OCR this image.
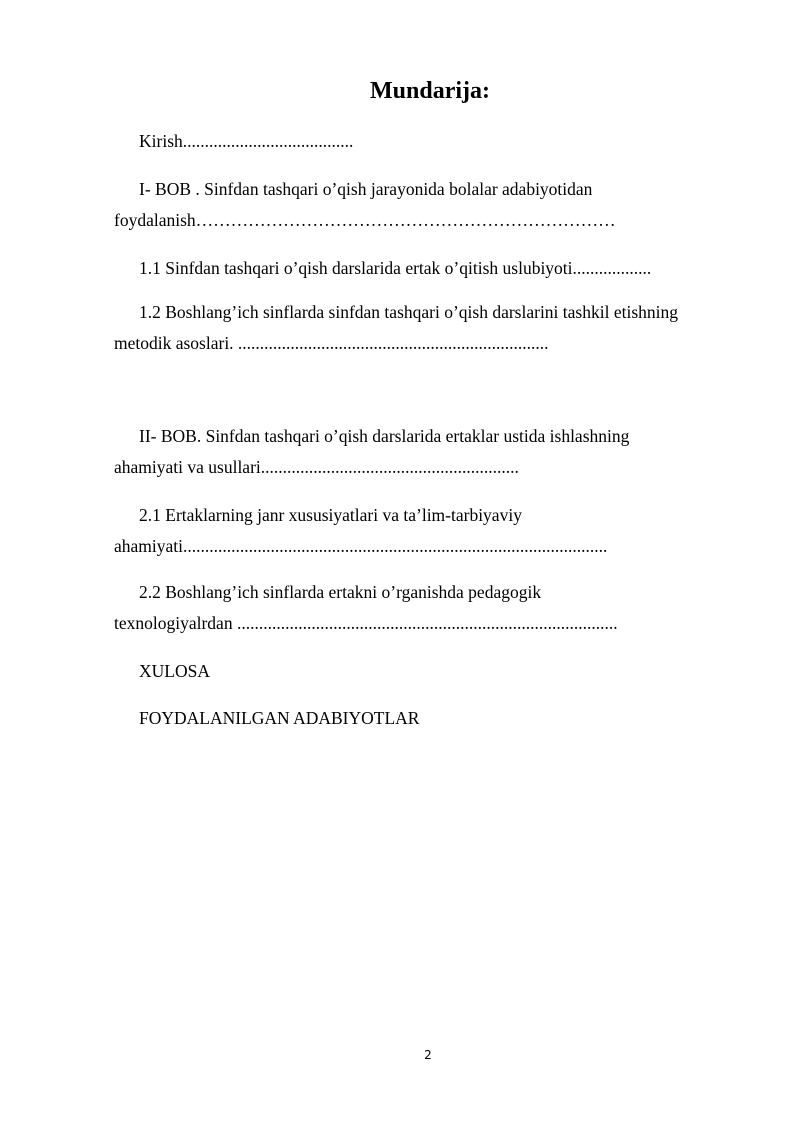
Mundarija:
Kirish.......................................
I- BOB . Sinfdan tashqari o’qish jarayonida bolalar adabiyotidan
foydalanish………………………………………………………………
1.1 Sinfdan tashqari o’qish darslarida ertak o’qitish uslubiyoti..................
1.2 Boshlang’ich sinflarda sinfdan tashqari o’qish darslarini tashkil etishning
metodik asoslari. .......................................................................
II- BOB. Sinfdan tashqari o’qish darslarida ertaklar ustida ishlashning
ahamiyati va usullari...........................................................
2.1 Ertaklarning janr xususiyatlari va ta’lim-tarbiyaviy
ahamiyati.................................................................................................
2.2 Boshlang’ich sinflarda ertakni o’rganishda pedagogik
texnologiyalrdan .......................................................................................
XULOSA
FOYDALANILGAN ADABIYOTLAR
2
